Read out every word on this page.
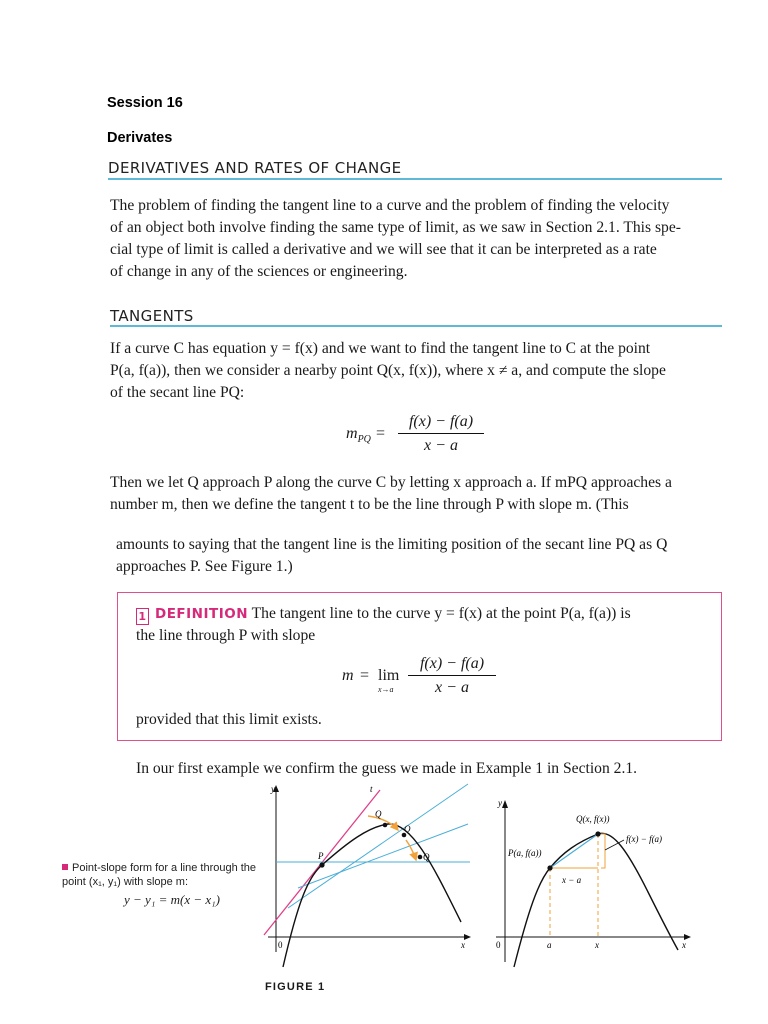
Session 16
Derivates
DERIVATIVES AND RATES OF CHANGE
The problem of finding the tangent line to a curve and the problem of finding the velocity
of an object both involve finding the same type of limit, as we saw in Section 2.1. This spe-
cial type of limit is called a derivative and we will see that it can be interpreted as a rate
of change in any of the sciences or engineering.
TANGENTS
If a curve C has equation y = f(x) and we want to find the tangent line to C at the point
P(a, f(a)), then we consider a nearby point Q(x, f(x)), where x ≠ a, and compute the slope
of the secant line PQ:
$m_{PQ}$ =
f(x) − f(a)
x − a
Then we let Q approach P along the curve C by letting x approach a. If mPQ approaches a
number m, then we define the tangent t to be the line through P with slope m. (This
amounts to saying that the tangent line is the limiting position of the secant line PQ as Q
approaches P. See Figure 1.)
1 DEFINITION The tangent line to the curve y = f(x) at the point P(a, f(a)) is
the line through P with slope
m = lim
x→a
f(x) − f(a)
x − a
provided that this limit exists.
In our first example we confirm the guess we made in Example 1 in Section 2.1.
Point-slope form for a line through the
point (x₁, y₁) with slope m:
y − y₁ = m(x − x₁)
y	t
Q
Q
Q
P
0	x
y
Q(x, f(x))
P(a, f(a))
f(x) − f(a)
x − a
0	a	x	x
FIGURE 1
